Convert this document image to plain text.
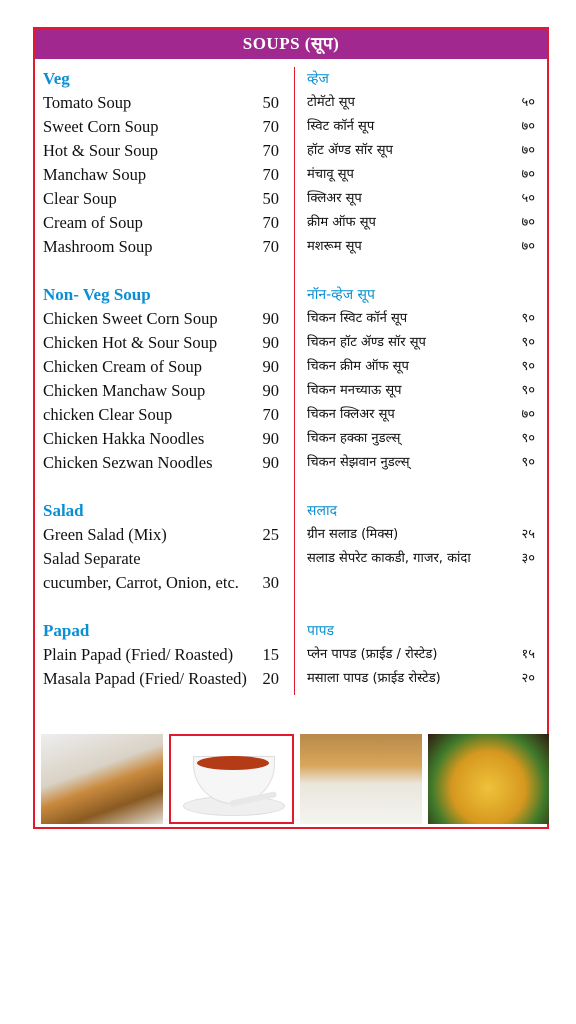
SOUPS (सूप)
Veg
Tomato Soup	50
Sweet Corn Soup	70
Hot & Sour Soup	70
Manchaw Soup	70
Clear Soup	50
Cream of Soup	70
Mashroom Soup	70
Non- Veg Soup
Chicken Sweet Corn Soup	90
Chicken Hot & Sour Soup	90
Chicken Cream of Soup	90
Chicken Manchaw Soup	90
chicken Clear Soup	70
Chicken Hakka Noodles	90
Chicken Sezwan Noodles	90
Salad
Green Salad (Mix)	25
Salad Separate
cucumber, Carrot, Onion, etc. 30
Papad
Plain Papad (Fried/ Roasted) 15
Masala Papad (Fried/ Roasted) 20
व्हेज
टोमॅटो सूप	५०
स्विट कॉर्न सूप	७०
हॉट ॲण्ड सॉर सूप	७०
मंचावू सूप	७०
क्लिअर सूप	५०
क्रीम ऑफ सूप	७०
मशरूम सूप	७०
नॉन-व्हेज सूप
चिकन स्विट कॉर्न सूप	९०
चिकन हॉट ॲण्ड सॉर सूप	९०
चिकन क्रीम ऑफ सूप	९०
चिकन मनच्याऊ सूप	९०
चिकन क्लिअर सूप	७०
चिकन हक्का नुडल्स्	९०
चिकन सेझवान नुडल्स्	९०
सलाद
ग्रीन सलाड (मिक्स)	२५
सलाड सेपरेट काकडी, गाजर, कांदा	३०
पापड
प्लेन पापड (फ्राईड / रोस्टेड)	१५
मसाला पापड (फ्राईड रोस्टेड)	२०
